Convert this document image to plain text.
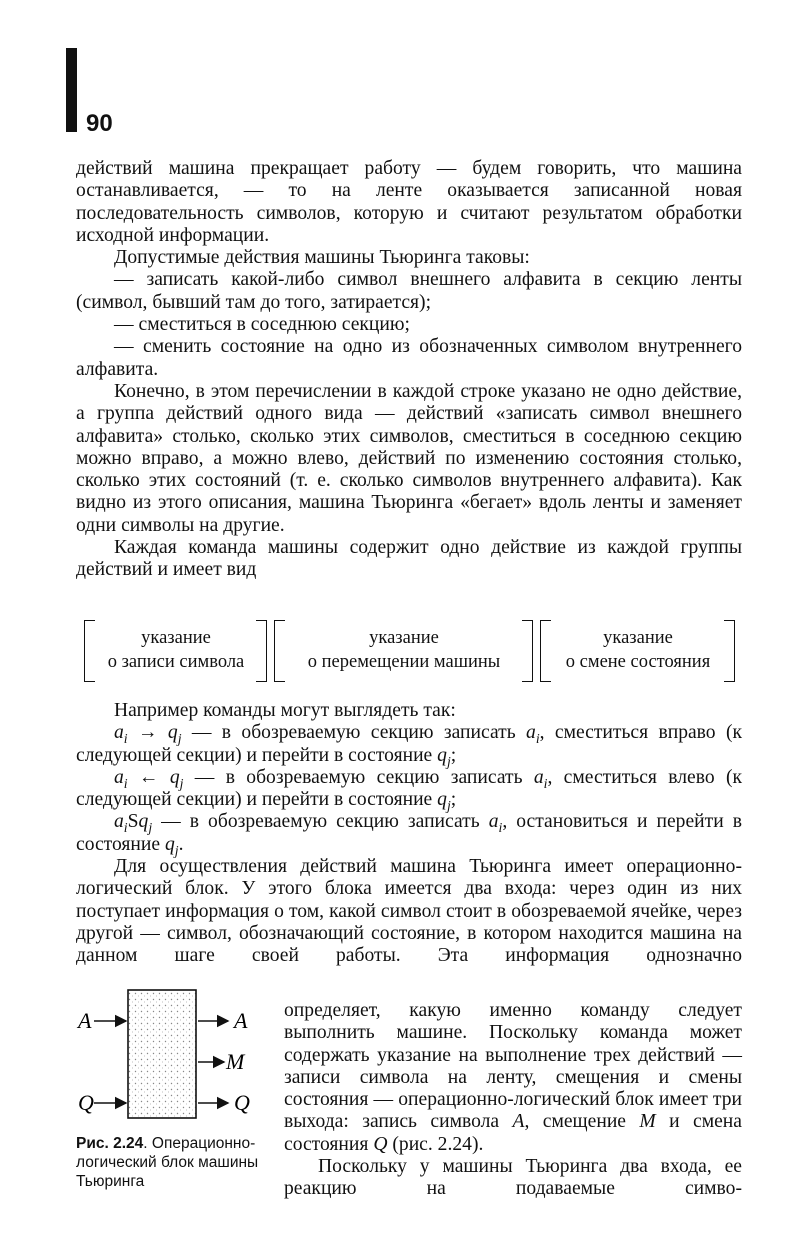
90

действий машина прекращает работу — будем говорить, что машина останавливается, — то на ленте оказывается записанной новая последовательность символов, которую и считают результатом обработки исходной информации.

Допустимые действия машины Тьюринга таковы:

— записать какой-либо символ внешнего алфавита в секцию ленты (символ, бывший там до того, затирается);

— сместиться в соседнюю секцию;

— сменить состояние на одно из обозначенных символом внутреннего алфавита.

Конечно, в этом перечислении в каждой строке указано не одно действие, а группа действий одного вида — действий «записать символ внешнего алфавита» столько, сколько этих символов, сместиться в соседнюю секцию можно вправо, а можно влево, действий по изменению состояния столько, сколько этих состояний (т. е. сколько символов внутреннего алфавита). Как видно из этого описания, машина Тьюринга «бегает» вдоль ленты и заменяет одни символы на другие.

Каждая команда машины содержит одно действие из каждой группы действий и имеет вид

указание
о записи символа
указание
о перемещении машины
указание
о смене состояния

Например команды могут выглядеть так:

$a_i \to q_j$ — в обозреваемую секцию записать $a_i$, сместиться вправо (к следующей секции) и перейти в состояние $q_j$;

$a_i$ ← $q_j$ — в обозреваемую секцию записать $a_i$, сместиться влево (к следующей секции) и перейти в состояние $q_j$;

$a_iSq_j$ — в обозреваемую секцию записать $a_i$, остановиться и перейти в состояние $q_j$.

Для осуществления действий машина Тьюринга имеет операционно-логический блок. У этого блока имеется два входа: через один из них поступает информация о том, какой символ стоит в обозреваемой ячейке, через другой — символ, обозначающий состояние, в котором находится машина на данном шаге своей работы. Эта информация однозначно

A
Q
A
M
Q
Рис. 2.24. Операционно-логический блок машины Тьюринга

определяет, какую именно команду следует выполнить машине. Поскольку команда может содержать указание на выполнение трех действий — записи символа на ленту, смещения и смены состояния — операционно-логический блок имеет три выхода: запись символа A, смещение M и смена состояния Q (рис. 2.24).

Поскольку у машины Тьюринга два входа, ее реакцию на подаваемые симво-
